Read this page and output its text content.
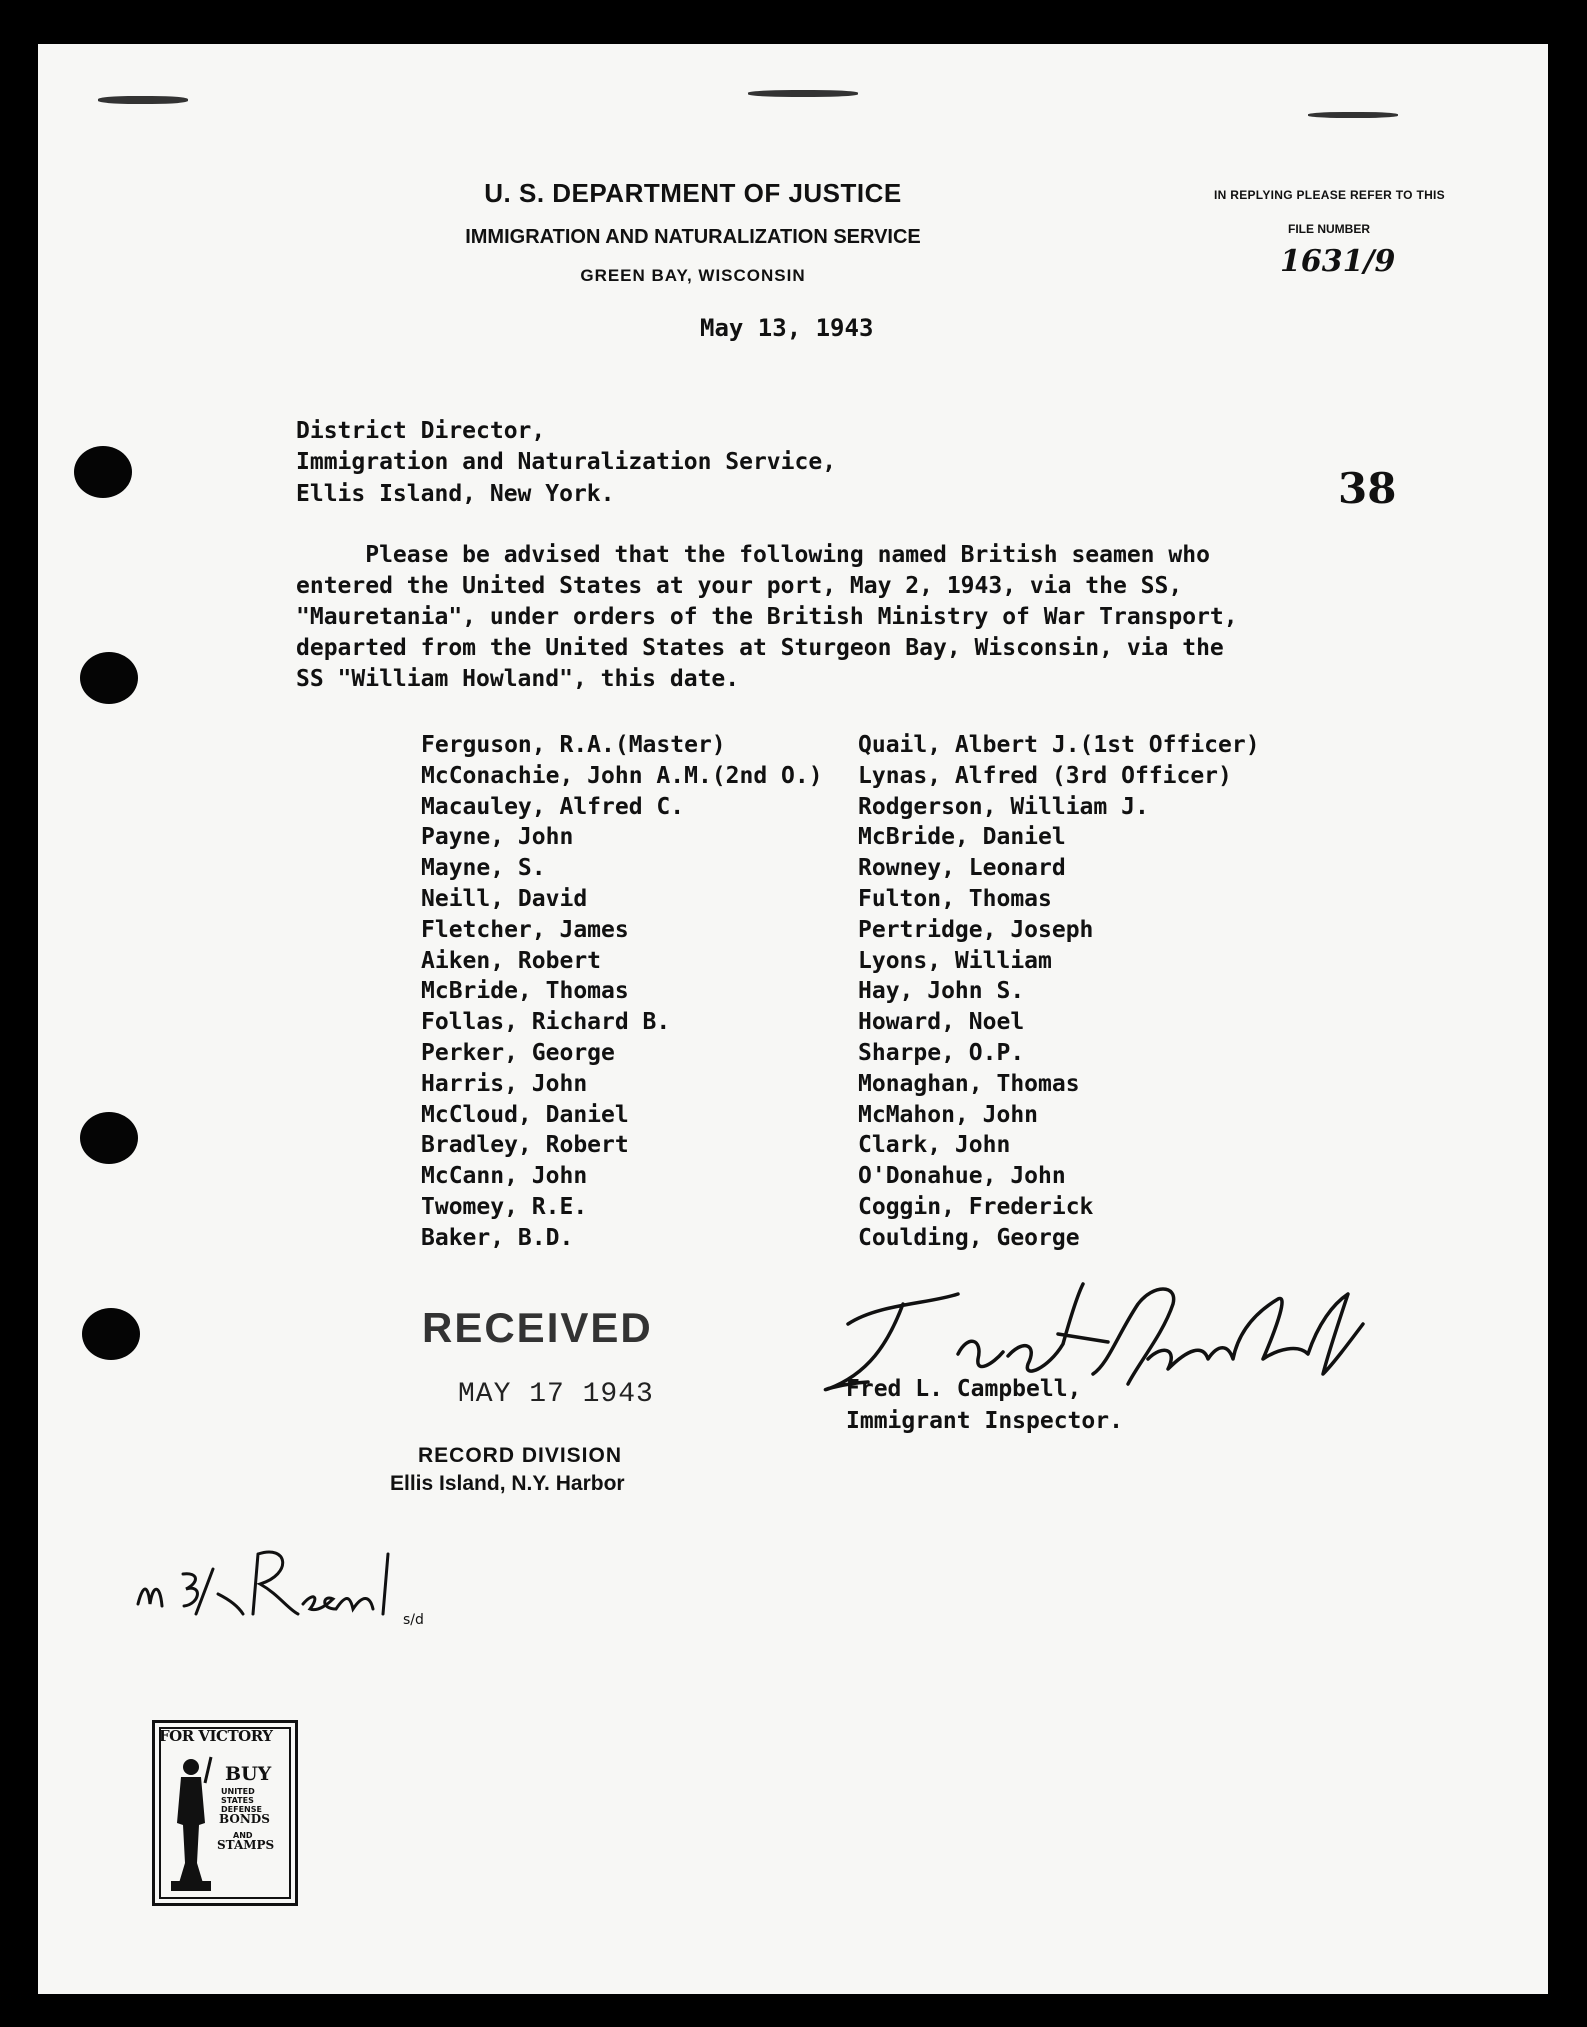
U. S. DEPARTMENT OF JUSTICE
IMMIGRATION AND NATURALIZATION SERVICE
GREEN BAY, WISCONSIN
IN REPLYING PLEASE REFER TO THIS
FILE NUMBER
1631/9
May 13, 1943
District Director,
Immigration and Naturalization Service,
Ellis Island, New York.	38
Please be advised that the following named British seamen who
entered the United States at your port, May 2, 1943, via the SS,
"Mauretania", under orders of the British Ministry of War Transport,
departed from the United States at Sturgeon Bay, Wisconsin, via the
SS "William Howland", this date.
Ferguson, R.A.(Master)
McConachie, John A.M.(2nd O.)
Macauley, Alfred C.
Payne, John
Mayne, S.
Neill, David
Fletcher, James
Aiken, Robert
McBride, Thomas
Follas, Richard B.
Perker, George
Harris, John
McCloud, Daniel
Bradley, Robert
McCann, John
Twomey, R.E.
Baker, B.D.
Quail, Albert J.(1st Officer)
Lynas, Alfred (3rd Officer)
Rodgerson, William J.
McBride, Daniel
Rowney, Leonard
Fulton, Thomas
Pertridge, Joseph
Lyons, William
Hay, John S.
Howard, Noel
Sharpe, O.P.
Monaghan, Thomas
McMahon, John
Clark, John
O'Donahue, John
Coggin, Frederick
Coulding, George
RECEIVED
MAY 17 1943
RECORD DIVISION
Ellis Island, N.Y. Harbor
Fred L. Campbell,
Immigrant Inspector.
s/d
FOR VICTORY
BUY
UNITED
STATES
DEFENSE
BONDS
AND
STAMPS
